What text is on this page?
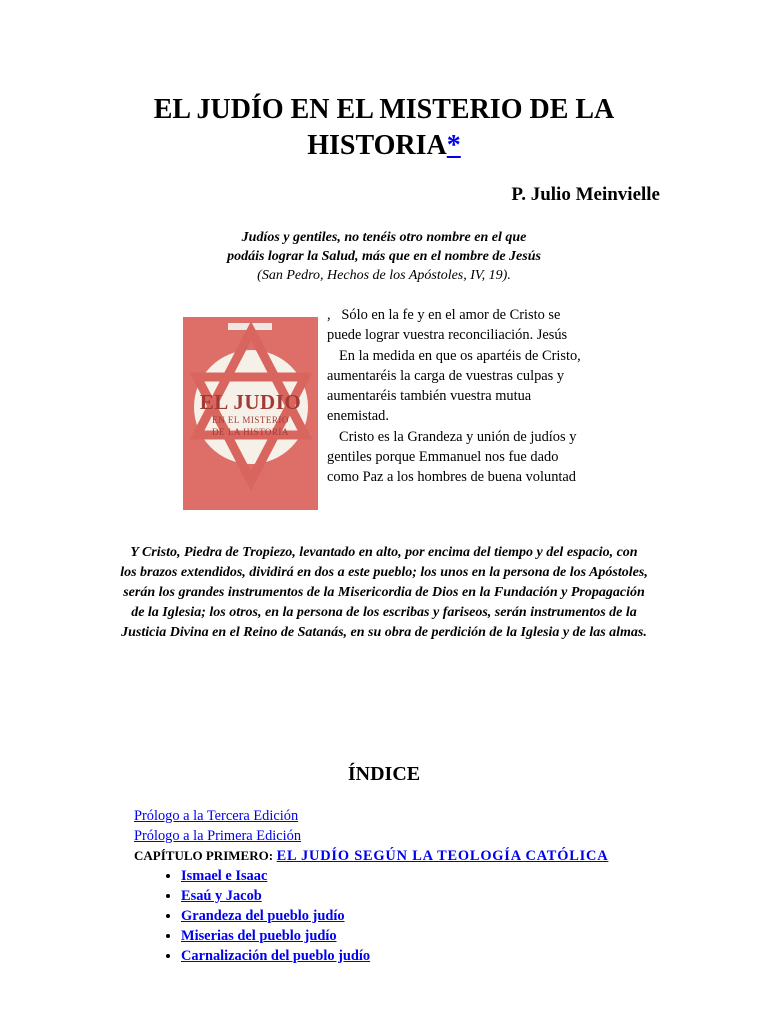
EL JUDÍO EN EL MISTERIO DE LA
HISTORIA*
P. Julio Meinvielle
Judíos y gentiles, no tenéis otro nombre en el que
podáis lograr la Salud, más que en el nombre de Jesús
(San Pedro, Hechos de los Apóstoles, IV, 19).
EL JUDIO
EN EL MISTERIO
DE LA HISTORIA

,   Sólo en la fe y en el amor de Cristo se puede lograr vuestra reconciliación. Jesús

En la medida en que os apartéis de Cristo, aumentaréis la carga de vuestras culpas y aumentaréis también vuestra mutua enemistad.

Cristo es la Grandeza y unión de judíos y gentiles porque Emmanuel nos fue dado como Paz a los hombres de buena voluntad

Y Cristo, Piedra de Tropiezo, levantado en alto, por encima del tiempo y del espacio, con

los brazos extendidos, dividirá en dos a este pueblo; los unos en la persona de los Apóstoles,

serán los grandes instrumentos de la Misericordia de Dios en la Fundación y Propagación

de la Iglesia; los otros, en la persona de los escribas y fariseos, serán instrumentos de la

Justicia Divina en el Reino de Satanás, en su obra de perdición de la Iglesia y de las almas.

ÍNDICE
Prólogo a la Tercera Edición
Prólogo a la Primera Edición
CAPÍTULO PRIMERO: EL JUDÍO SEGÚN LA TEOLOGÍA CATÓLICA
• Ismael e Isaac
• Esaú y Jacob
• Grandeza del pueblo judío
• Miserias del pueblo judío
• Carnalización del pueblo judío
